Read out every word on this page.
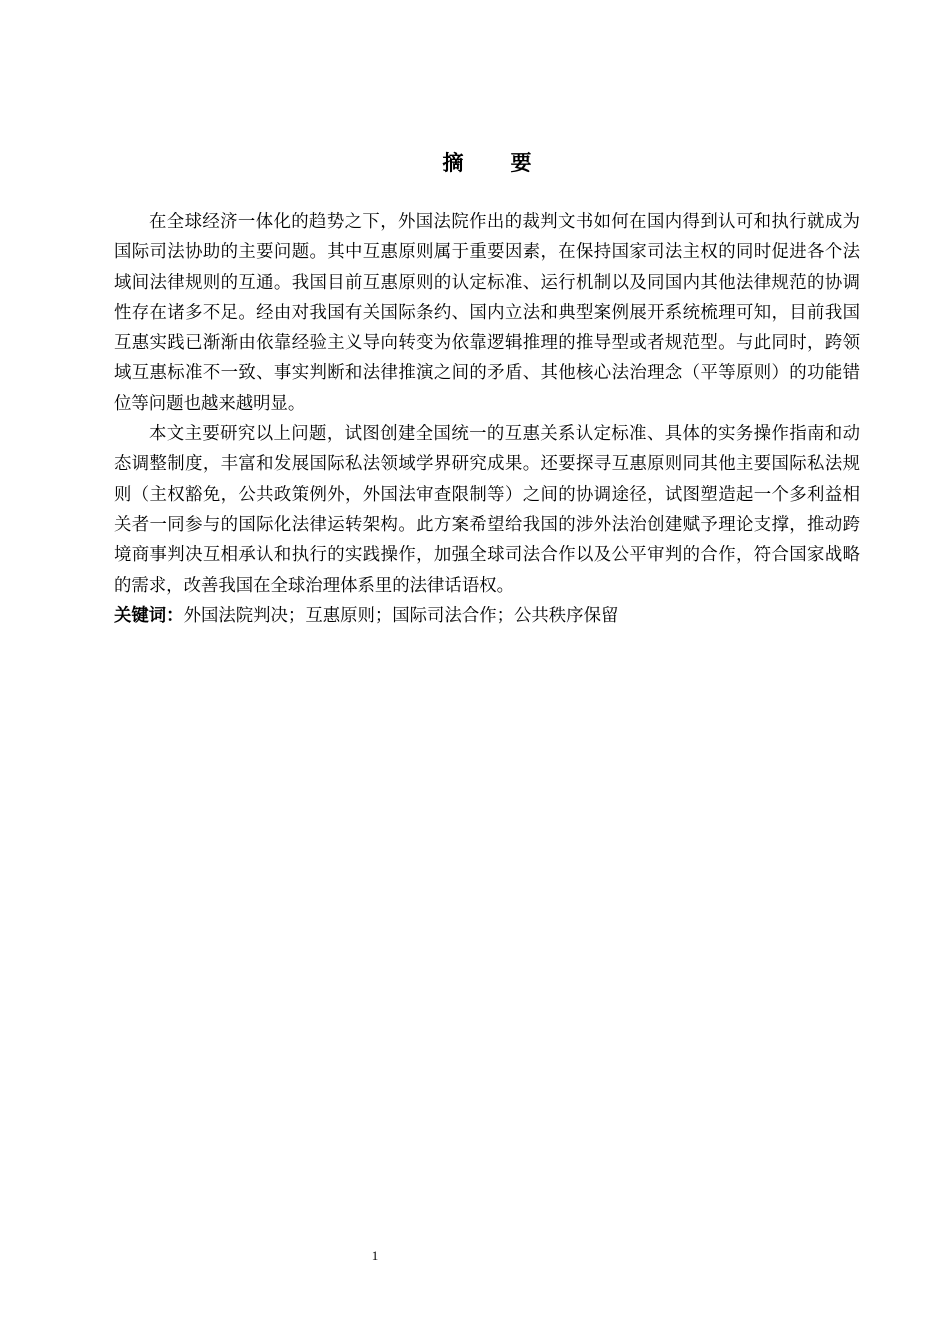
摘 要

在全球经济一体化的趋势之下，外国法院作出的裁判文书如何在国内得到认可和执行就成为国际司法协助的主要问题。其中互惠原则属于重要因素，在保持国家司法主权的同时促进各个法域间法律规则的互通。我国目前互惠原则的认定标准、运行机制以及同国内其他法律规范的协调性存在诸多不足。经由对我国有关国际条约、国内立法和典型案例展开系统梳理可知，目前我国互惠实践已渐渐由依靠经验主义导向转变为依靠逻辑推理的推导型或者规范型。与此同时，跨领域互惠标准不一致、事实判断和法律推演之间的矛盾、其他核心法治理念（平等原则）的功能错位等问题也越来越明显。

本文主要研究以上问题，试图创建全国统一的互惠关系认定标准、具体的实务操作指南和动态调整制度，丰富和发展国际私法领域学界研究成果。还要探寻互惠原则同其他主要国际私法规则（主权豁免，公共政策例外，外国法审查限制等）之间的协调途径，试图塑造起一个多利益相关者一同参与的国际化法律运转架构。此方案希望给我国的涉外法治创建赋予理论支撑，推动跨境商事判决互相承认和执行的实践操作，加强全球司法合作以及公平审判的合作，符合国家战略的需求，改善我国在全球治理体系里的法律话语权。

关键词：外国法院判决；互惠原则；国际司法合作；公共秩序保留

1
